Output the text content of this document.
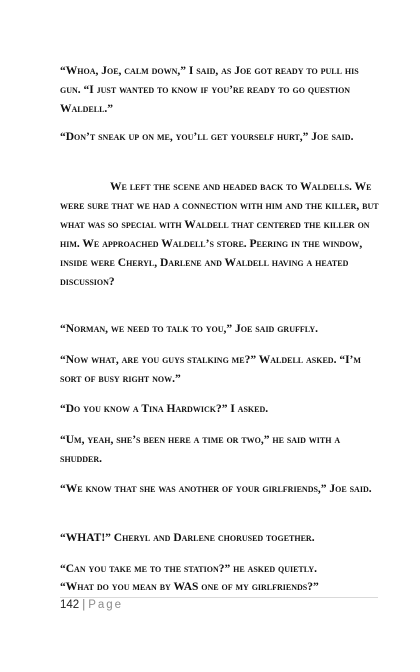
“Whoa, Joe, calm down,” I said, as Joe got ready to pull his gun. “I just wanted to know if you’re ready to go question Waldell.”

“Don’t sneak up on me, you’ll get yourself hurt,” Joe said.

We left the scene and headed back to Waldells. We were sure that we had a connection with him and the killer, but what was so special with Waldell that centered the killer on him. We approached Waldell’s store. Peering in the window, inside were Cheryl, Darlene and Waldell having a heated discussion?

“Norman, we need to talk to you,” Joe said gruffly.

“Now what, are you guys stalking me?” Waldell asked. “I’m sort of busy right now.”

“Do you know a Tina Hardwick?” I asked.

“Um, yeah, she’s been here a time or two,” he said with a shudder.

“We know that she was another of your girlfriends,” Joe said.

“WHAT!” Cheryl and Darlene chorused together.

“Can you take me to the station?” he asked quietly.

“What do you mean by WAS one of my girlfriends?”

142 | Page
